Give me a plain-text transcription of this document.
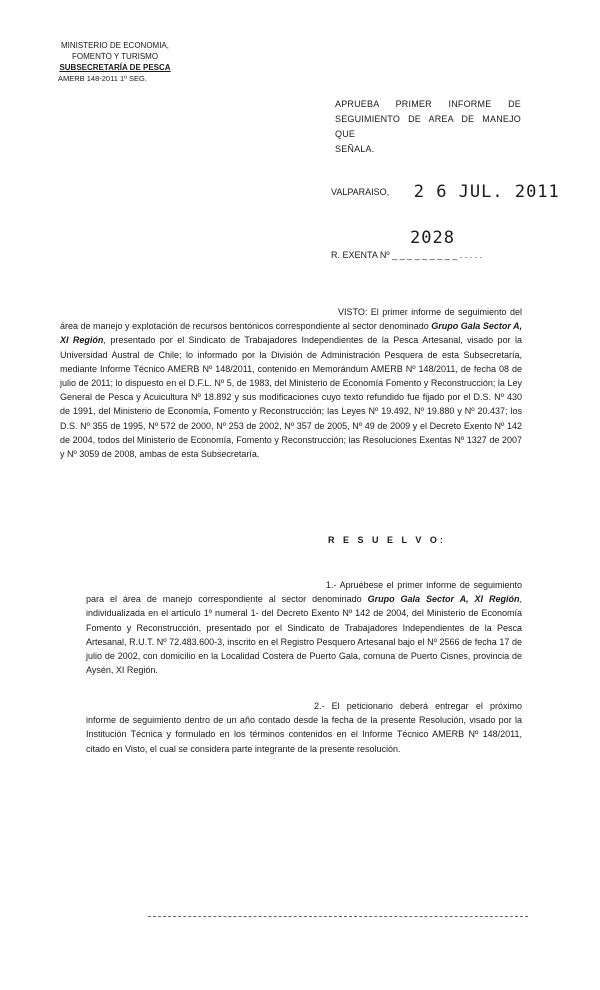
MINISTERIO DE ECONOMIA,
FOMENTO Y TURISMO
SUBSECRETARÍA DE PESCA
AMERB 148-2011 1º SEG.
APRUEBA PRIMER INFORME DE
SEGUIMIENTO DE AREA DE MANEJO QUE
SEÑALA.
VALPARAISO, 2 6 JUL. 2011
2028
R. EXENTA Nº _ _ _ _ _ _ _ _ _ . . . . .
VISTO: El primer informe de seguimiento del área de manejo y explotación de recursos bentónicos correspondiente al sector denominado Grupo Gala Sector A, XI Región, presentado por el Sindicato de Trabajadores Independientes de la Pesca Artesanal, visado por la Universidad Austral de Chile; lo informado por la División de Administración Pesquera de esta Subsecretaría, mediante Informe Técnico AMERB Nº 148/2011, contenido en Memorándum AMERB Nº 148/2011, de fecha 08 de julio de 2011; lo dispuesto en el D.F.L. Nº 5, de 1983, del Ministerio de Economía Fomento y Reconstrucción; la Ley General de Pesca y Acuicultura Nº 18.892 y sus modificaciones cuyo texto refundido fue fijado por el D.S. Nº 430 de 1991, del Ministerio de Economía, Fomento y Reconstrucción; las Leyes Nº 19.492, Nº 19.880 y Nº 20.437; los D.S. Nº 355 de 1995, Nº 572 de 2000, Nº 253 de 2002, Nº 357 de 2005, Nº 49 de 2009 y el Decreto Exento Nº 142 de 2004, todos del Ministerio de Economía, Fomento y Reconstrucción; las Resoluciones Exentas Nº 1327 de 2007 y Nº 3059 de 2008, ambas de esta Subsecretaría.
R E S U E L V O:
1.- Apruébese el primer informe de seguimiento para el área de manejo correspondiente al sector denominado Grupo Gala Sector A, XI Región, individualizada en el artículo 1º numeral 1- del Decreto Exento Nº 142 de 2004, del Ministerio de Economía Fomento y Reconstrucción, presentado por el Sindicato de Trabajadores Independientes de la Pesca Artesanal, R.U.T. Nº 72.483.600-3, inscrito en el Registro Pesquero Artesanal bajo el Nº 2566 de fecha 17 de julio de 2002, con domicilio en la Localidad Costera de Puerto Gala, comuna de Puerto Cisnes, provincia de Aysén, XI Región.
2.- El peticionario deberá entregar el próximo informe de seguimiento dentro de un año contado desde la fecha de la presente Resolución, visado por la Institución Técnica y formulado en los términos contenidos en el Informe Técnico AMERB Nº 148/2011, citado en Visto, el cual se considera parte integrante de la presente resolución.
